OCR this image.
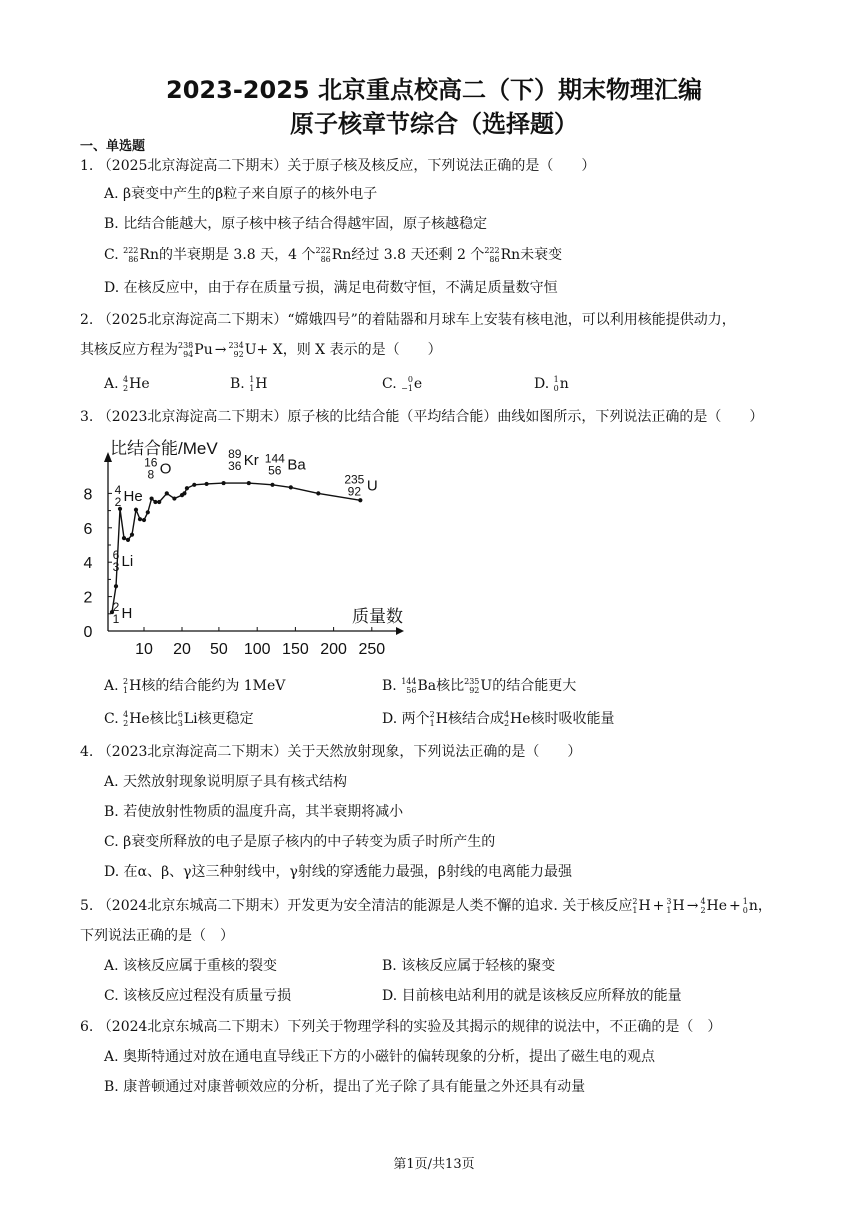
2023-2025 北京重点校高二（下）期末物理汇编
原子核章节综合（选择题）
一、单选题
1. （2025北京海淀高二下期末）关于原子核及核反应，下列说法正确的是（　　）
A. β衰变中产生的β粒子来自原子的核外电子
B. 比结合能越大，原子核中核子结合得越牢固，原子核越稳定
C. 222
86 Rn 的半衰期是 3.8 天，4 个 222
86 Rn 经过 3.8 天还剩 2 个 222
86 Rn 未衰变
D. 在核反应中，由于存在质量亏损，满足电荷数守恒，不满足质量数守恒
2. （2025北京海淀高二下期末）“嫦娥四号”的着陆器和月球车上安装有核电池，可以利用核能提供动力，
其核反应方程为 238
94 Pu → 234
92 U + X，则 X 表示的是（　　）
A. 4
2 He	B. 1
1 H	C. 0
−1 e	D. 1
0 n
3. （2023北京海淀高二下期末）原子核的比结合能（平均结合能）曲线如图所示，下列说法正确的是（　　）
10 20 50 100 150 200 250
0
2
4
6
8
比结合能/MeV
质量数
2
1 H
4
2 He
6
3 Li
16
8 O
89
36 Kr 144
56 Ba
235
92 U
A. 2
1 H 核的结合能约为 1MeV	B. 144
56 Ba 核比 235
92 U 的结合能更大
C. 4
2 He 核比 6
3 Li 核更稳定	D. 两个 2
1 H 核结合成 4
2 He 核时吸收能量
4. （2023北京海淀高二下期末）关于天然放射现象，下列说法正确的是（　　）
A. 天然放射现象说明原子具有核式结构
B. 若使放射性物质的温度升高，其半衰期将减小
C. β衰变所释放的电子是原子核内的中子转变为质子时所产生的
D. 在α、β、γ这三种射线中，γ射线的穿透能力最强，β射线的电离能力最强
5. （2024北京东城高二下期末）开发更为安全清洁的能源是人类不懈的追求. 关于核反应 2
1 H + 3
1 H → 4
2 He + 1
0 n ，
下列说法正确的是（　）
A. 该核反应属于重核的裂变	B. 该核反应属于轻核的聚变
C. 该核反应过程没有质量亏损	D. 目前核电站利用的就是该核反应所释放的能量
6. （2024北京东城高二下期末）下列关于物理学科的实验及其揭示的规律的说法中，不正确的是（　）
A. 奥斯特通过对放在通电直导线正下方的小磁针的偏转现象的分析，提出了磁生电的观点
B. 康普顿通过对康普顿效应的分析，提出了光子除了具有能量之外还具有动量
第1页/共13页
